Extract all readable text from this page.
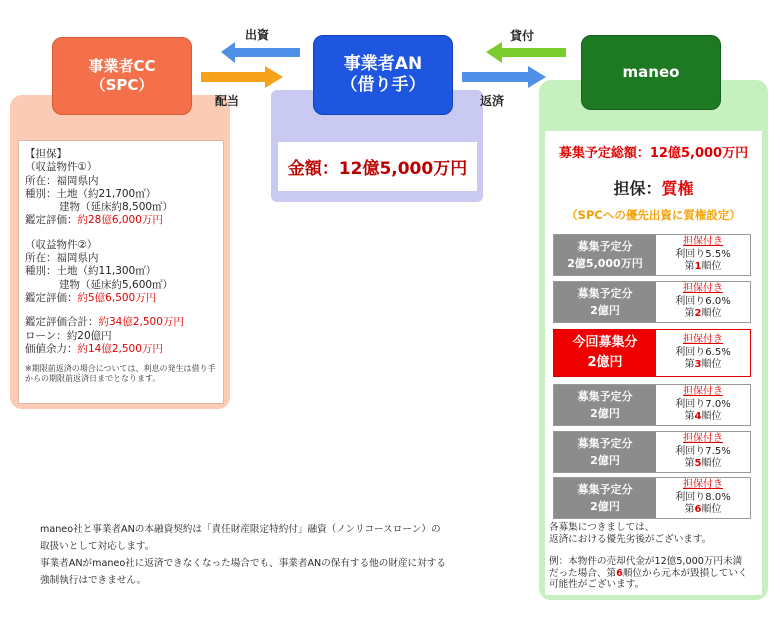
事業者CC
（SPC）
事業者AN
（借り手）
maneo
出資
配当
貸付
返済
【担保】
（収益物件①）
所在：福岡県内
種別：土地（約21,700㎡）
建物（延床約8,500㎡）
鑑定評価：約28億6,000万円
（収益物件②）
所在：福岡県内
種別：土地（約11,300㎡）
建物（延床約5,600㎡）
鑑定評価：約5億6,500万円
鑑定評価合計：約34億2,500万円
ローン：約20億円
価値余力：約14億2,500万円
※期限前返済の場合については、利息の発生は借り手からの期限前返済日までとなります。
金額：12億5,000万円
募集予定総額：12億5,000万円
担保：質権
（SPCへの優先出資に質権設定）
募集予定分
2億5,000万円
担保付き
利回り5.5%
第1順位
募集予定分
2億円
担保付き
利回り6.0%
第2順位
今回募集分
2億円
担保付き
利回り6.5%
第3順位
募集予定分
2億円
担保付き
利回り7.0%
第4順位
募集予定分
2億円
担保付き
利回り7.5%
第5順位
募集予定分
2億円
担保付き
利回り8.0%
第6順位
各募集につきましては、
返済における優先劣後がございます。
例：本物件の売却代金が12億5,000万円未満
だった場合、第6順位から元本が毀損していく
可能性がございます。
maneo社と事業者ANの本融資契約は「責任財産限定特約付」融資（ノンリコースローン）の
取扱いとして対応します。
事業者ANがmaneo社に返済できなくなった場合でも、事業者ANの保有する他の財産に対する
強制執行はできません。
